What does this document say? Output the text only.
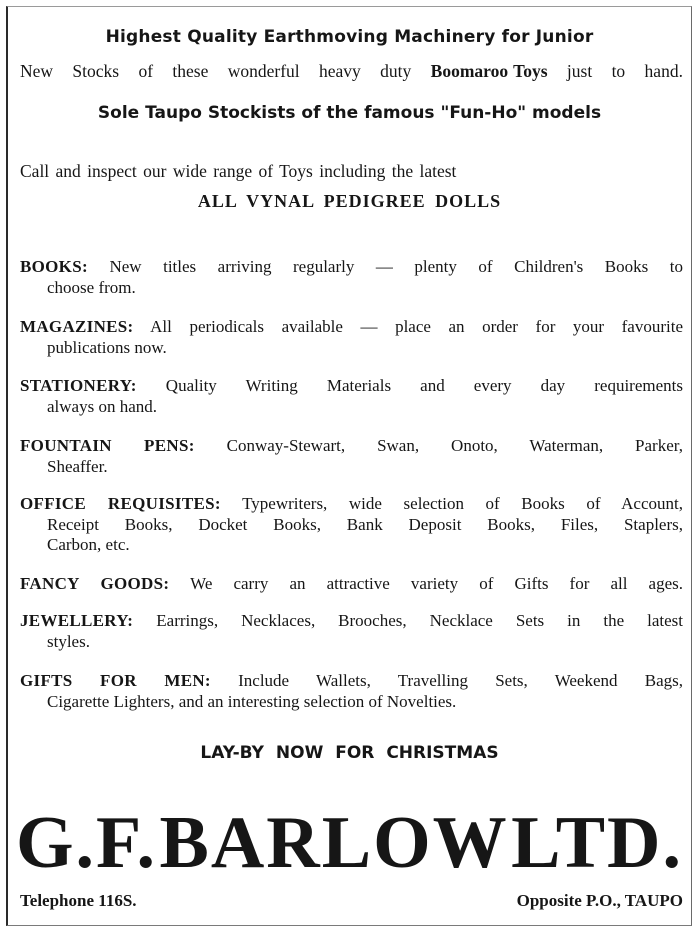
Highest Quality Earthmoving Machinery for Junior
New Stocks of these wonderful heavy duty Boomaroo Toys just to hand.
Sole Taupo Stockists of the famous "Fun-Ho" models
Call and inspect our wide range of Toys including the latest
ALL VYNAL PEDIGREE DOLLS
BOOKS: New titles arriving regularly — plenty of Children's Books to
choose from.
MAGAZINES: All periodicals available — place an order for your favourite
publications now.
STATIONERY: Quality Writing Materials and every day requirements
always on hand.
FOUNTAIN PENS: Conway-Stewart, Swan, Onoto, Waterman, Parker,
Sheaffer.
OFFICE REQUISITES: Typewriters, wide selection of Books of Account,
Receipt Books, Docket Books, Bank Deposit Books, Files, Staplers,
Carbon, etc.
FANCY GOODS: We carry an attractive variety of Gifts for all ages.
JEWELLERY: Earrings, Necklaces, Brooches, Necklace Sets in the latest
styles.
GIFTS FOR MEN: Include Wallets, Travelling Sets, Weekend Bags,
Cigarette Lighters, and an interesting selection of Novelties.
LAY-BY NOW FOR CHRISTMAS
G.F. BARLOW LTD.
Telephone 116S.	Opposite P.O., TAUPO
